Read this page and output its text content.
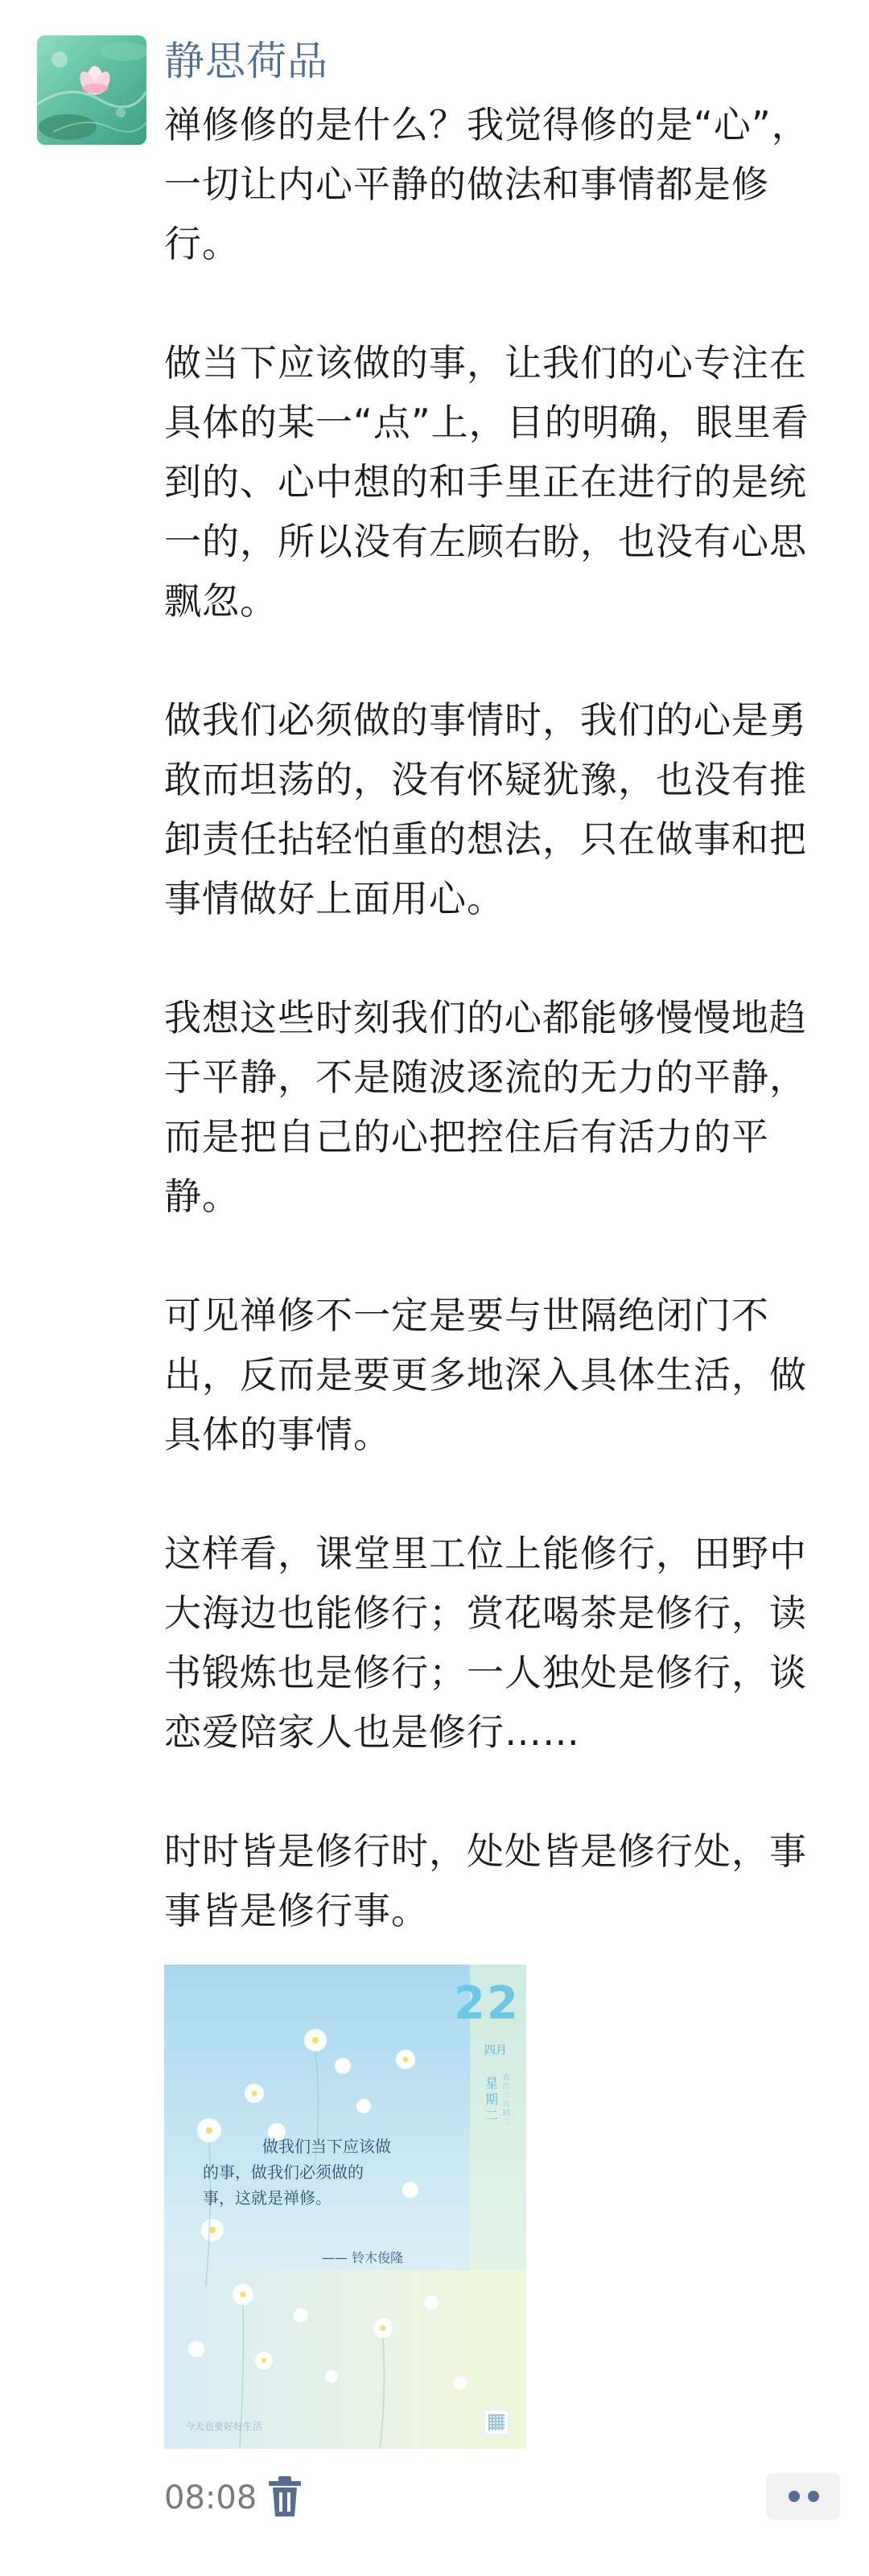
静思荷品

禅修修的是什么？我觉得修的是“心”，一切让内心平静的做法和事情都是修行。

做当下应该做的事，让我们的心专注在具体的某一“点”上，目的明确，眼里看到的、心中想的和手里正在进行的是统一的，所以没有左顾右盼，也没有心思飘忽。

做我们必须做的事情时，我们的心是勇敢而坦荡的，没有怀疑犹豫，也没有推卸责任拈轻怕重的想法，只在做事和把事情做好上面用心。

我想这些时刻我们的心都能够慢慢地趋于平静，不是随波逐流的无力的平静，而是把自己的心把控住后有活力的平静。

可见禅修不一定是要与世隔绝闭门不出，反而是要更多地深入具体生活，做具体的事情。

这样看，课堂里工位上能修行，田野中大海边也能修行；赏花喝茶是修行，读书锻炼也是修行；一人独处是修行，谈恋爱陪家人也是修行……

时时皆是修行时，处处皆是修行处，事事皆是修行事。

22
四月
星期二
农历三月初二
做我们当下应该做
的事，做我们必须做的
事，这就是禅修。
—— 铃木俊隆
今天也要好好生活
08:08
